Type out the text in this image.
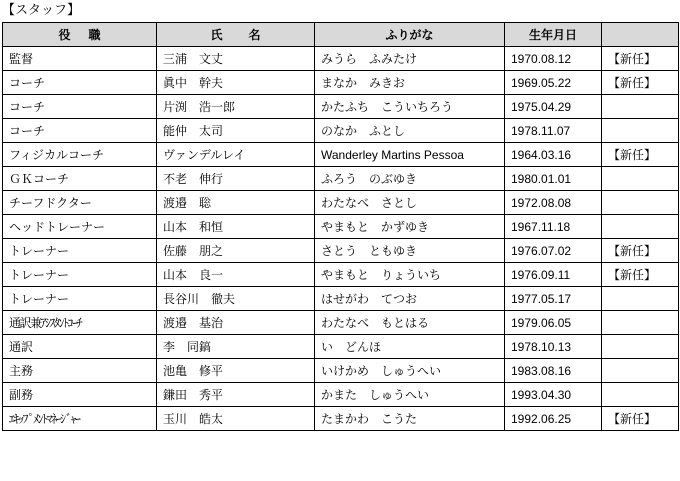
【スタッフ】
役職	氏名	ふりがな	生年月日	
監督	三浦　文丈	みうら　ふみたけ	1970.08.12	【新任】
コーチ	眞中　幹夫	まなか　みきお	1969.05.22	【新任】
コーチ	片渕　浩一郎	かたふち　こういちろう	1975.04.29	
コーチ	能仲　太司	のなか　ふとし	1978.11.07	
フィジカルコーチ	ヴァンデルレイ	Wanderley Martins Pessoa	1964.03.16	【新任】
ＧＫコーチ	不老　伸行	ふろう　のぶゆき	1980.01.01	
チーフドクター	渡邉　聡	わたなべ　さとし	1972.08.08	
ヘッドトレーナー	山本　和恒	やまもと　かずゆき	1967.11.18	
トレーナー	佐藤　朋之	さとう　ともゆき	1976.07.02	【新任】
トレーナー	山本　良一	やまもと　りょういち	1976.09.11	【新任】
トレーナー	長谷川　徹夫	はせがわ　てつお	1977.05.17	
通訳兼ｱｼｽﾀﾝﾄｺｰﾁ	渡邉　基治	わたなべ　もとはる	1979.06.05	
通訳	李　同鎬	い　どんほ	1978.10.13	
主務	池亀　修平	いけかめ　しゅうへい	1983.08.16	
副務	鎌田　秀平	かまた　しゅうへい	1993.04.30	
ｴｷｯﾌﾟﾒﾝﾄﾏﾈｰｼﾞｬｰ	玉川　皓太	たまかわ　こうた	1992.06.25	【新任】
